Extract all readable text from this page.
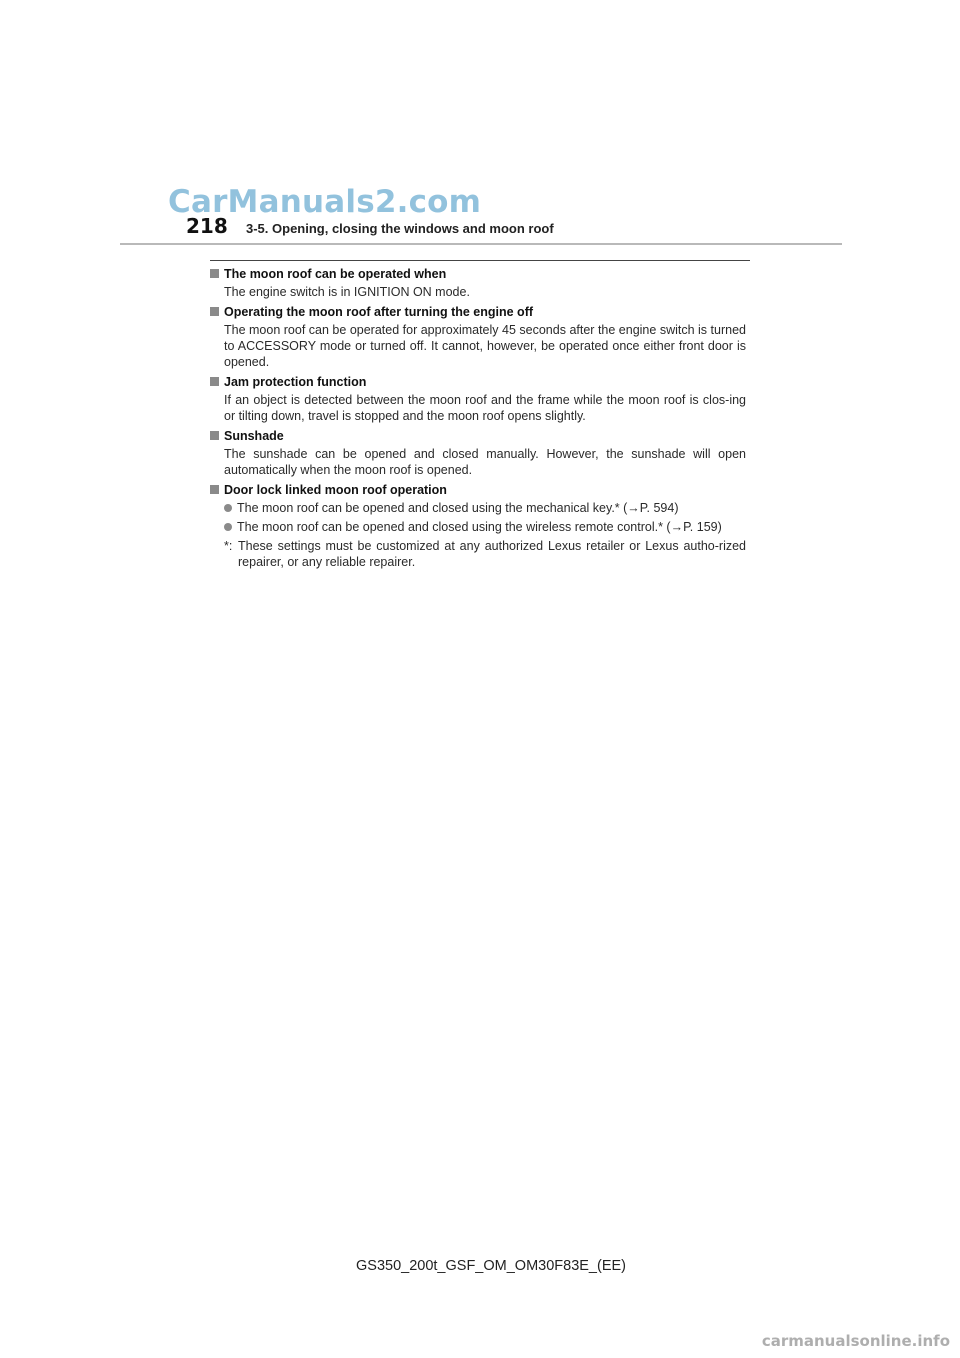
CarManuals2.com
218 3-5. Opening, closing the windows and moon roof
The moon roof can be operated when
The engine switch is in IGNITION ON mode.
Operating the moon roof after turning the engine off
The moon roof can be operated for approximately 45 seconds after the engine switch is turned to ACCESSORY mode or turned off. It cannot, however, be operated once either front door is opened.
Jam protection function
If an object is detected between the moon roof and the frame while the moon roof is clos-ing or tilting down, travel is stopped and the moon roof opens slightly.
Sunshade
The sunshade can be opened and closed manually. However, the sunshade will open automatically when the moon roof is opened.
Door lock linked moon roof operation
The moon roof can be opened and closed using the mechanical key.* (→P. 594)
The moon roof can be opened and closed using the wireless remote control.* (→P. 159)
*: These settings must be customized at any authorized Lexus retailer or Lexus autho-rized repairer, or any reliable repairer.
GS350_200t_GSF_OM_OM30F83E_(EE)
carmanualsonline.info
